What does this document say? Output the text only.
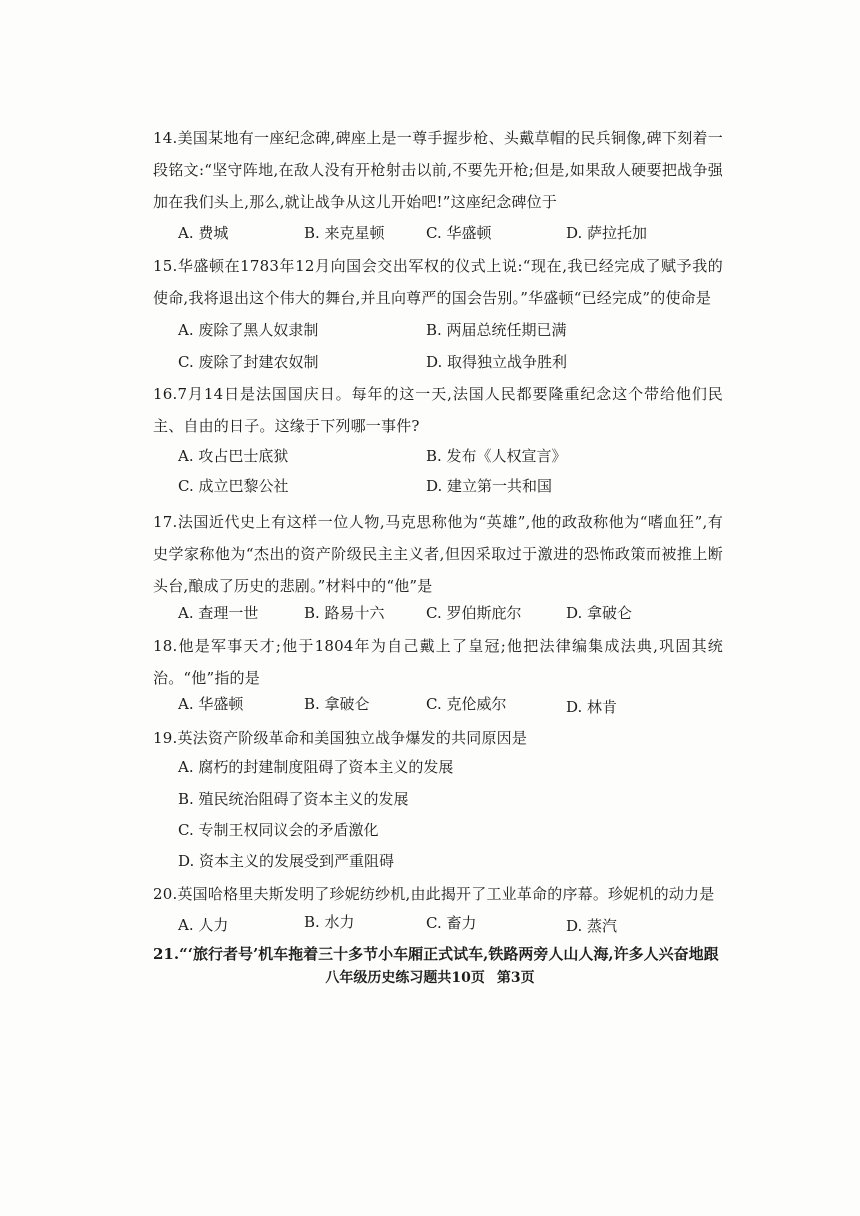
14.美国某地有一座纪念碑,碑座上是一尊手握步枪、头戴草帽的民兵铜像,碑下刻着一段铭文:“坚守阵地,在敌人没有开枪射击以前,不要先开枪;但是,如果敌人硬要把战争强加在我们头上,那么,就让战争从这儿开始吧!”这座纪念碑位于
A. 费城	B. 来克星顿	C. 华盛顿	D. 萨拉托加
15.华盛顿在1783年12月向国会交出军权的仪式上说:“现在,我已经完成了赋予我的使命,我将退出这个伟大的舞台,并且向尊严的国会告别。”华盛顿“已经完成”的使命是
A. 废除了黑人奴隶制	B. 两届总统任期已满
C. 废除了封建农奴制	D. 取得独立战争胜利
16.7月14日是法国国庆日。每年的这一天,法国人民都要隆重纪念这个带给他们民主、自由的日子。这缘于下列哪一事件?
A. 攻占巴士底狱	B. 发布《人权宣言》
C. 成立巴黎公社	D. 建立第一共和国
17.法国近代史上有这样一位人物,马克思称他为“英雄”,他的政敌称他为“嗜血狂”,有史学家称他为“杰出的资产阶级民主主义者,但因采取过于激进的恐怖政策而被推上断头台,酿成了历史的悲剧。”材料中的“他”是
A. 查理一世	B. 路易十六	C. 罗伯斯庇尔	D. 拿破仑
18.他是军事天才;他于1804年为自己戴上了皇冠;他把法律编集成法典,巩固其统治。“他”指的是
A. 华盛顿	B. 拿破仑	C. 克伦威尔	D. 林肯
19.英法资产阶级革命和美国独立战争爆发的共同原因是
A. 腐朽的封建制度阻碍了资本主义的发展
B. 殖民统治阻碍了资本主义的发展
C. 专制王权同议会的矛盾激化
D. 资本主义的发展受到严重阻碍
20.英国哈格里夫斯发明了珍妮纺纱机,由此揭开了工业革命的序幕。珍妮机的动力是
A. 人力	B. 水力	C. 畜力	D. 蒸汽
21.“‘旅行者号’机车拖着三十多节小车厢正式试车,铁路两旁人山人海,许多人兴奋地跟
八年级历史练习题共10页 第3页
